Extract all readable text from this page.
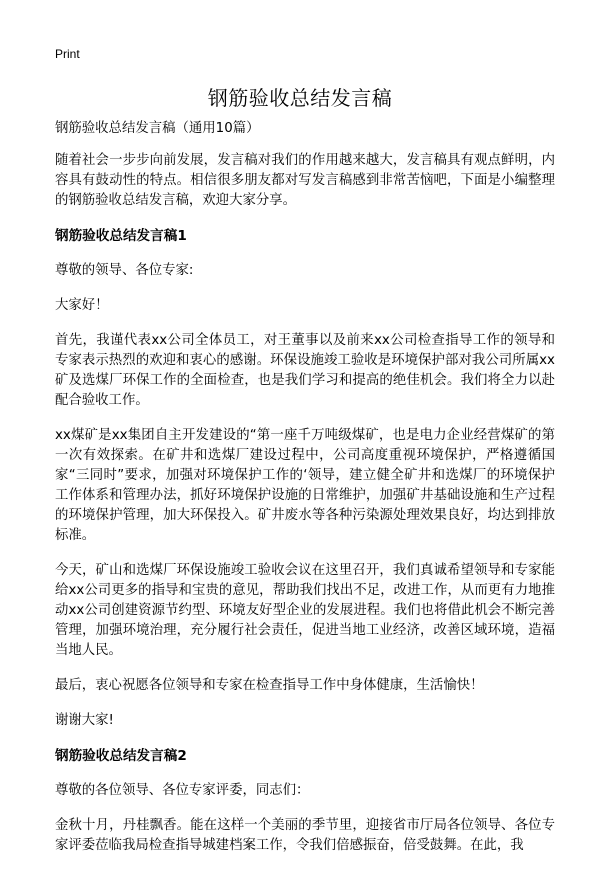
Print
钢筋验收总结发言稿

钢筋验收总结发言稿（通用10篇）

随着社会一步步向前发展，发言稿对我们的作用越来越大，发言稿具有观点鲜明，内容具有鼓动性的特点。相信很多朋友都对写发言稿感到非常苦恼吧，下面是小编整理的钢筋验收总结发言稿，欢迎大家分享。

钢筋验收总结发言稿1

尊敬的领导、各位专家:

大家好！

首先，我谨代表xx公司全体员工，对王董事以及前来xx公司检查指导工作的领导和专家表示热烈的欢迎和衷心的感谢。环保设施竣工验收是环境保护部对我公司所属xx矿及选煤厂环保工作的全面检查，也是我们学习和提高的绝佳机会。我们将全力以赴配合验收工作。

xx煤矿是xx集团自主开发建设的“第一座千万吨级煤矿，也是电力企业经营煤矿的第一次有效探索。在矿井和选煤厂建设过程中，公司高度重视环境保护，严格遵循国家“三同时”要求，加强对环境保护工作的‘领导，建立健全矿井和选煤厂的环境保护工作体系和管理办法，抓好环境保护设施的日常维护，加强矿井基础设施和生产过程的环境保护管理，加大环保投入。矿井废水等各种污染源处理效果良好，均达到排放标准。

今天，矿山和选煤厂环保设施竣工验收会议在这里召开，我们真诚希望领导和专家能给xx公司更多的指导和宝贵的意见，帮助我们找出不足，改进工作，从而更有力地推动xx公司创建资源节约型、环境友好型企业的发展进程。我们也将借此机会不断完善管理，加强环境治理，充分履行社会责任，促进当地工业经济，改善区域环境，造福当地人民。

最后，衷心祝愿各位领导和专家在检查指导工作中身体健康，生活愉快！

谢谢大家!

钢筋验收总结发言稿2

尊敬的各位领导、各位专家评委，同志们：

金秋十月，丹桂飘香。能在这样一个美丽的季节里，迎接省市厅局各位领导、各位专家评委莅临我局检查指导城建档案工作，令我们倍感振奋，倍受鼓舞。在此，我
